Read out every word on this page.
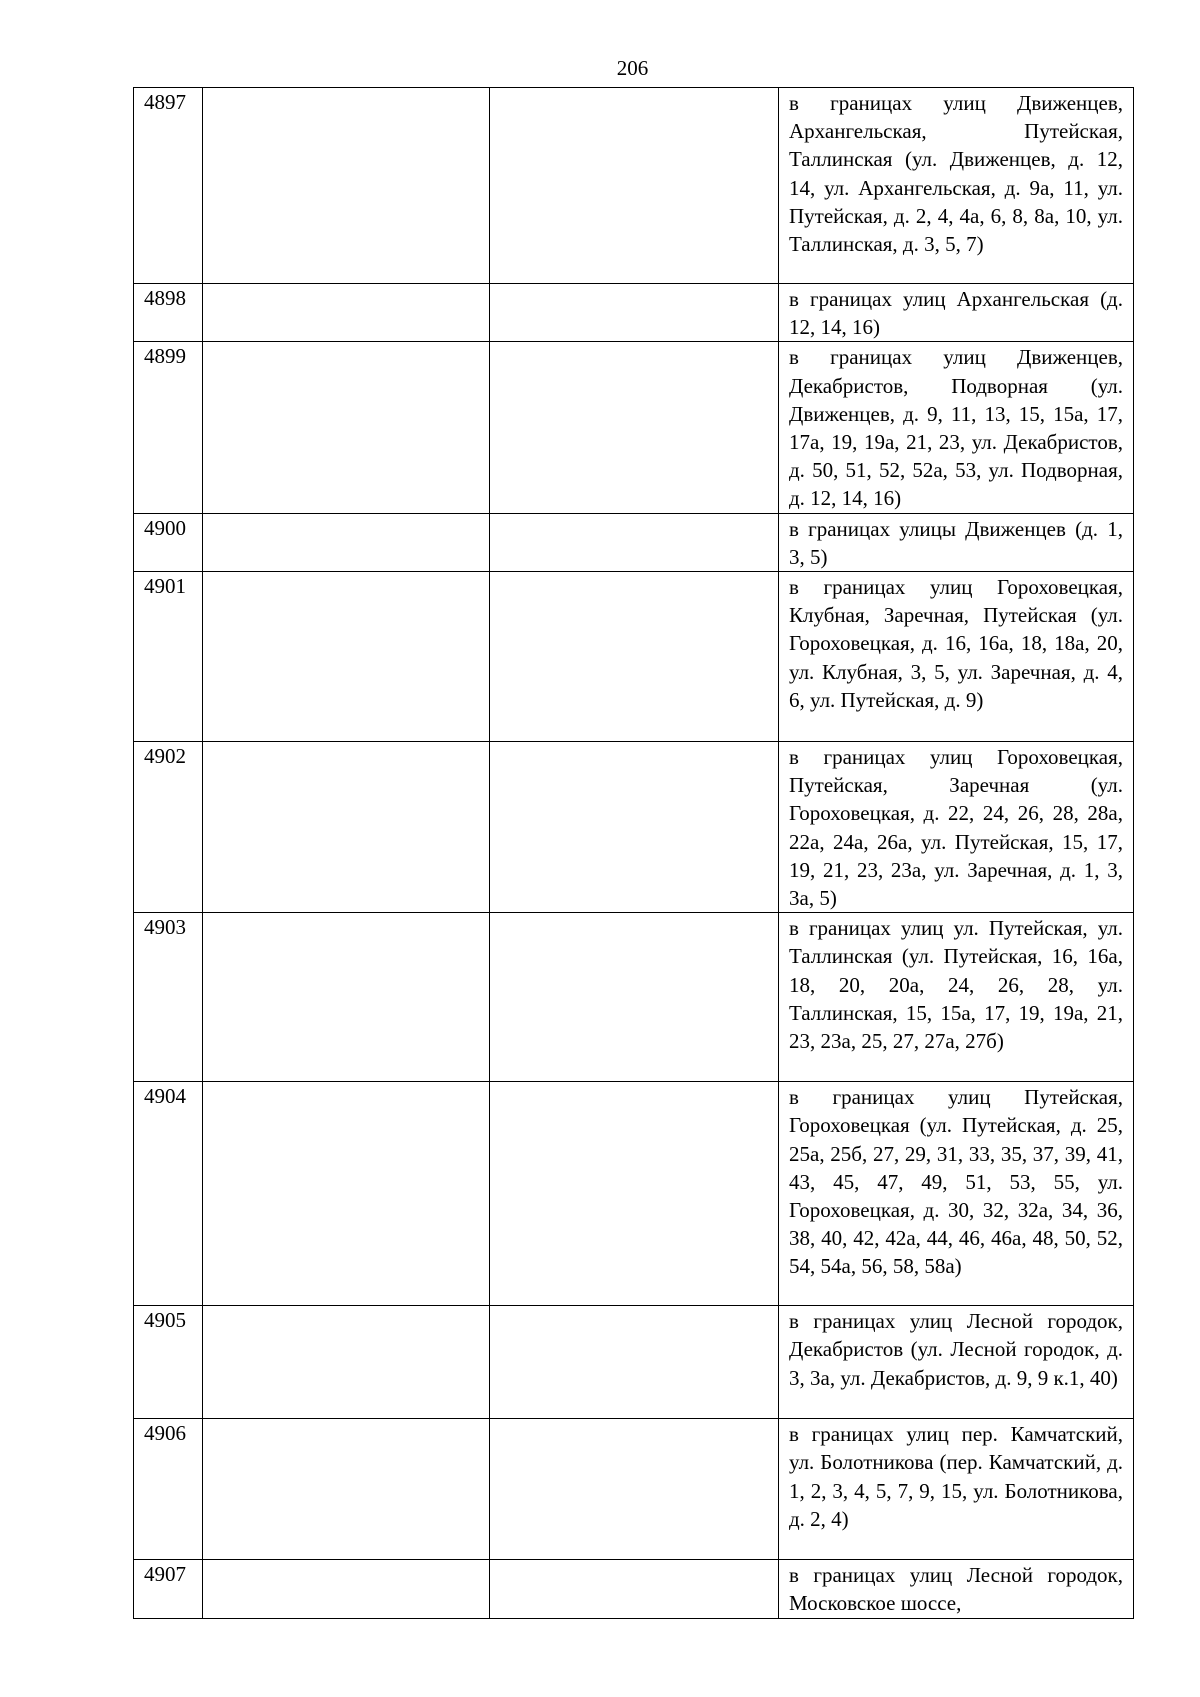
206
4897			в границах улиц Движенцев, Архангельская, Путейская, Таллинская (ул. Движенцев, д. 12, 14, ул. Архангельская, д. 9а, 11, ул. Путейская, д. 2, 4, 4а, 6, 8, 8а, 10, ул. Таллинская, д. 3, 5, 7)
4898			в границах улиц Архангельская (д. 12, 14, 16)
4899			в границах улиц Движенцев, Декабристов, Подворная (ул. Движенцев, д. 9, 11, 13, 15, 15а, 17, 17а, 19, 19а, 21, 23, ул. Декабристов, д. 50, 51, 52, 52а, 53, ул. Подворная, д. 12, 14, 16)
4900			в границах улицы Движенцев (д. 1, 3, 5)
4901			в границах улиц Гороховецкая, Клубная, Заречная, Путейская (ул. Гороховецкая, д. 16, 16а, 18, 18а, 20, ул. Клубная, 3, 5, ул. Заречная, д. 4, 6, ул. Путейская, д. 9)
4902			в границах улиц Гороховецкая, Путейская, Заречная (ул. Гороховецкая, д. 22, 24, 26, 28, 28а, 22а, 24а, 26а, ул. Путейская, 15, 17, 19, 21, 23, 23а, ул. Заречная, д. 1, 3, 3а, 5)
4903			в границах улиц ул. Путейская, ул. Таллинская (ул. Путейская, 16, 16а, 18, 20, 20а, 24, 26, 28, ул. Таллинская, 15, 15а, 17, 19, 19а, 21, 23, 23а, 25, 27, 27а, 27б)
4904			в границах улиц Путейская, Гороховецкая (ул. Путейская, д. 25, 25а, 25б, 27, 29, 31, 33, 35, 37, 39, 41, 43, 45, 47, 49, 51, 53, 55, ул. Гороховецкая, д. 30, 32, 32а, 34, 36, 38, 40, 42, 42а, 44, 46, 46а, 48, 50, 52, 54, 54а, 56, 58, 58а)
4905			в границах улиц Лесной городок, Декабристов (ул. Лесной городок, д. 3, 3а, ул. Декабристов, д. 9, 9 к.1, 40)
4906			в границах улиц пер. Камчатский, ул. Болотникова (пер. Камчатский, д. 1, 2, 3, 4, 5, 7, 9, 15, ул. Болотникова, д. 2, 4)
4907			в границах улиц Лесной городок, Московское шоссе,
